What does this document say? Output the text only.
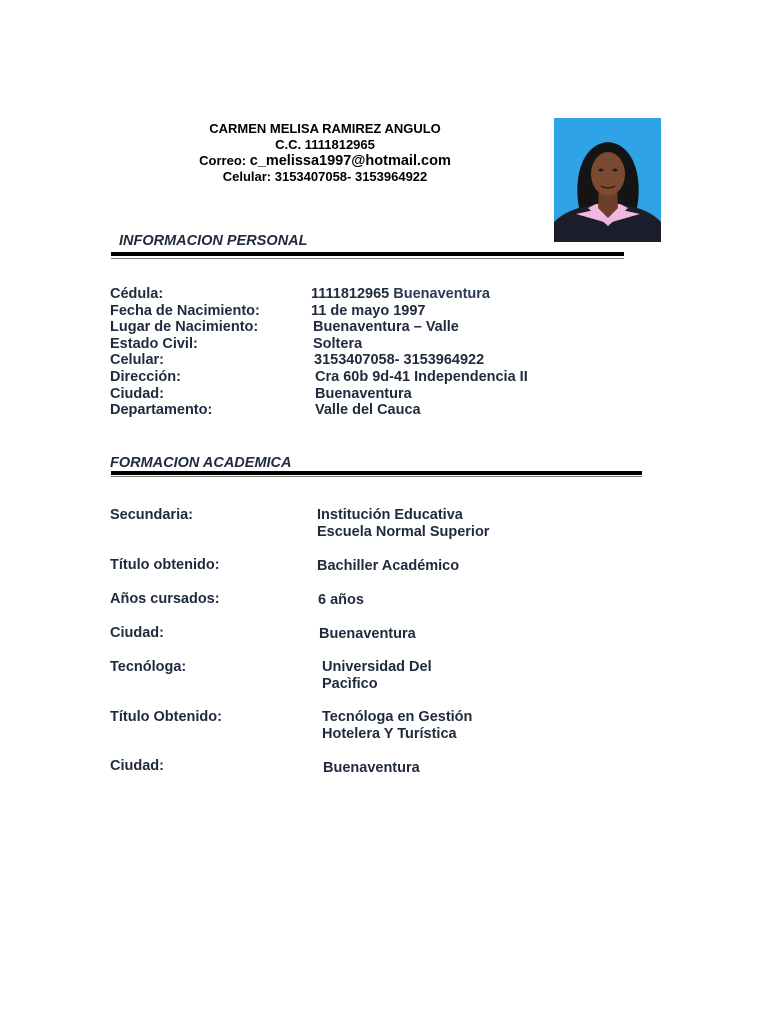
CARMEN MELISA RAMIREZ ANGULO
C.C. 1111812965
Correo: c_melissa1997@hotmail.com
Celular: 3153407058- 3153964922
INFORMACION PERSONAL
Cédula:	1111812965 Buenaventura
Fecha de Nacimiento:	11 de mayo 1997
Lugar de Nacimiento:	Buenaventura – Valle
Estado Civil:	Soltera
Celular:	3153407058- 3153964922
Dirección:	Cra 60b 9d-41 Independencia II
Ciudad:	Buenaventura
Departamento:	Valle del Cauca
FORMACION ACADEMICA
Secundaria:	Institución Educativa
Escuela Normal Superior
Título obtenido:	Bachiller Académico
Años cursados:	6 años
Ciudad:	Buenaventura
Tecnóloga:	Universidad Del
Pacìfico
Título Obtenido:	Tecnóloga en Gestión
Hotelera Y Turística
Ciudad:	Buenaventura
